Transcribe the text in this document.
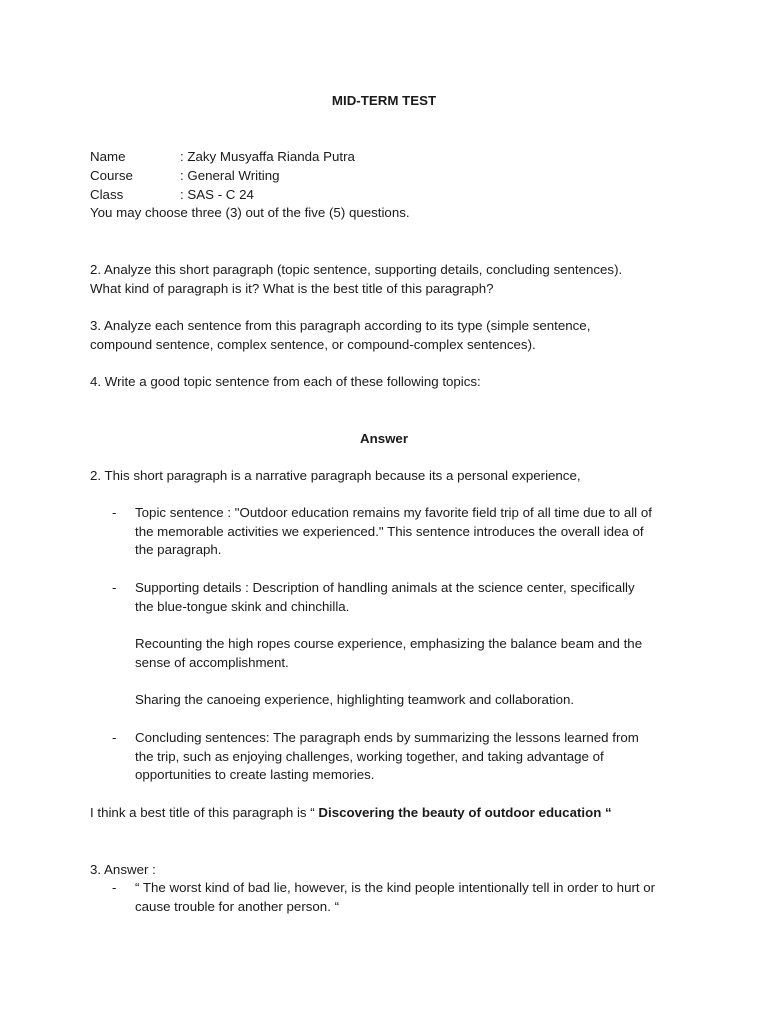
MID-TERM TEST
Name	: Zaky Musyaffa Rianda Putra
Course	: General Writing
Class	: SAS - C 24
You may choose three (3) out of the five (5) questions.
2. Analyze this short paragraph (topic sentence, supporting details, concluding sentences).
What kind of paragraph is it? What is the best title of this paragraph?
3. Analyze each sentence from this paragraph according to its type (simple sentence,
compound sentence, complex sentence, or compound-complex sentences).
4. Write a good topic sentence from each of these following topics:
Answer
2. This short paragraph is a narrative paragraph because its a personal experience,
- Topic sentence : "Outdoor education remains my favorite field trip of all time due to all of
the memorable activities we experienced." This sentence introduces the overall idea of
the paragraph.
- Supporting details : Description of handling animals at the science center, specifically
the blue-tongue skink and chinchilla.
Recounting the high ropes course experience, emphasizing the balance beam and the
sense of accomplishment.
Sharing the canoeing experience, highlighting teamwork and collaboration.
- Concluding sentences: The paragraph ends by summarizing the lessons learned from
the trip, such as enjoying challenges, working together, and taking advantage of
opportunities to create lasting memories.
I think a best title of this paragraph is “ Discovering the beauty of outdoor education “
3. Answer :
- “ The worst kind of bad lie, however, is the kind people intentionally tell in order to hurt or
cause trouble for another person. “
